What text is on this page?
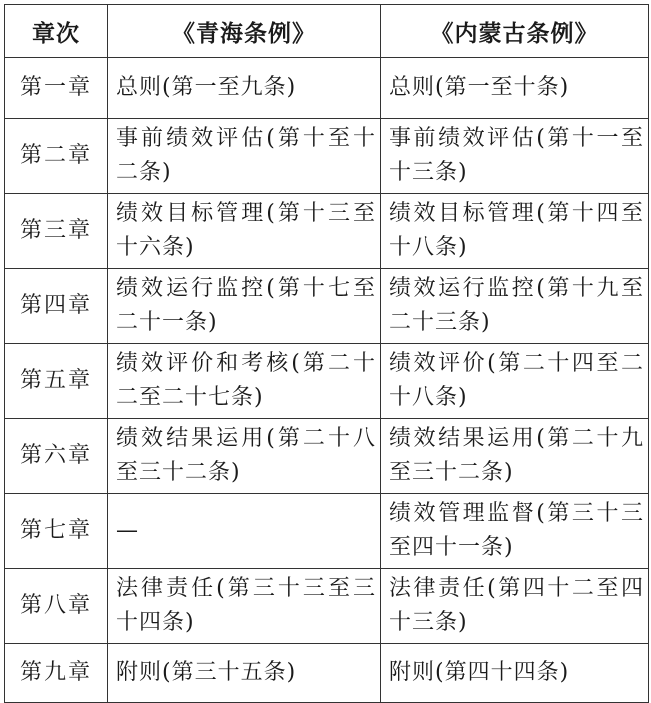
章次	《青海条例》	《内蒙古条例》
第一章	总则(第一至九条)	总则(第一至十条)
第二章	事前绩效评估(第十至十二条)	事前绩效评估(第十一至十三条)
第三章	绩效目标管理(第十三至十六条)	绩效目标管理(第十四至十八条)
第四章	绩效运行监控(第十七至二十一条)	绩效运行监控(第十九至二十三条)
第五章	绩效评价和考核(第二十二至二十七条)	绩效评价(第二十四至二十八条)
第六章	绩效结果运用(第二十八至三十二条)	绩效结果运用(第二十九至三十二条)
第七章	—	绩效管理监督(第三十三至四十一条)
第八章	法律责任(第三十三至三十四条)	法律责任(第四十二至四十三条)
第九章	附则(第三十五条)	附则(第四十四条)
